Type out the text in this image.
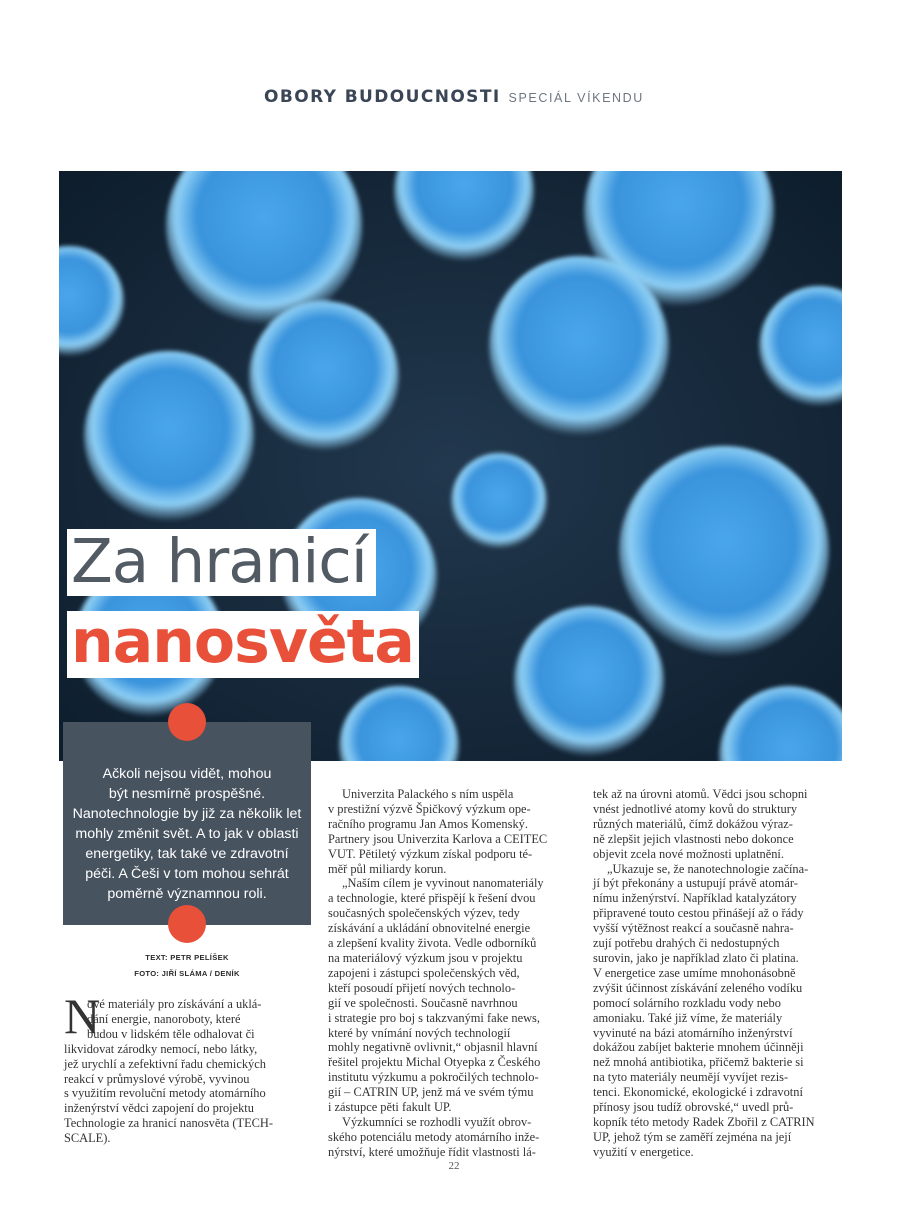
OBORY BUDOUCNOSTI SPECIÁL VÍKENDU
Za hranicí
nanosvěta
Ačkoli nejsou vidět, mohou
být nesmírně prospěšné.
Nanotechnologie by již za několik let
mohly změnit svět. A to jak v oblasti
energetiky, tak také ve zdravotní
péči. A Češi v tom mohou sehrát
poměrně významnou roli.
TEXT: PETR PELÍŠEK
FOTO: JIŘÍ SLÁMA / DENÍK
N

ové materiály pro získávání a uklá-

dání energie, nanoroboty, které

budou v lidském těle odhalovat či

likvidovat zárodky nemocí, nebo látky,

jež urychlí a zefektivní řadu chemických

reakcí v průmyslové výrobě, vyvinou

s využitím revoluční metody atomárního

inženýrství vědci zapojení do projektu

Technologie za hranicí nanosvěta (TECH-

SCALE).

Univerzita Palackého s ním uspěla

v prestižní výzvě Špičkový výzkum ope-

račního programu Jan Amos Komenský.

Partnery jsou Univerzita Karlova a CEITEC

VUT. Pětiletý výzkum získal podporu té-

měř půl miliardy korun.

„Naším cílem je vyvinout nanomateriály

a technologie, které přispějí k řešení dvou

současných společenských výzev, tedy

získávání a ukládání obnovitelné energie

a zlepšení kvality života. Vedle odborníků

na materiálový výzkum jsou v projektu

zapojeni i zástupci společenských věd,

kteří posoudí přijetí nových technolo-

gií ve společnosti. Současně navrhnou

i strategie pro boj s takzvanými fake news,

které by vnímání nových technologií

mohly negativně ovlivnit,“ objasnil hlavní

řešitel projektu Michal Otyepka z Českého

institutu výzkumu a pokročilých technolo-

gií – CATRIN UP, jenž má ve svém týmu

i zástupce pěti fakult UP.

Výzkumníci se rozhodli využít obrov-

ského potenciálu metody atomárního inže-

nýrství, které umožňuje řídit vlastnosti lá-

tek až na úrovni atomů. Vědci jsou schopni

vnést jednotlivé atomy kovů do struktury

různých materiálů, čímž dokážou výraz-

ně zlepšit jejich vlastnosti nebo dokonce

objevit zcela nové možnosti uplatnění.

„Ukazuje se, že nanotechnologie začína-

jí být překonány a ustupují právě atomár-

nímu inženýrství. Například katalyzátory

připravené touto cestou přinášejí až o řády

vyšší výtěžnost reakcí a současně nahra-

zují potřebu drahých či nedostupných

surovin, jako je například zlato či platina.

V energetice zase umíme mnohonásobně

zvýšit účinnost získávání zeleného vodíku

pomocí solárního rozkladu vody nebo

amoniaku. Také již víme, že materiály

vyvinuté na bázi atomárního inženýrství

dokážou zabíjet bakterie mnohem účinněji

než mnohá antibiotika, přičemž bakterie si

na tyto materiály neumějí vyvíjet rezis-

tenci. Ekonomické, ekologické i zdravotní

přínosy jsou tudíž obrovské,“ uvedl prů-

kopník této metody Radek Zbořil z CATRIN

UP, jehož tým se zaměří zejména na její

využití v energetice.

22
